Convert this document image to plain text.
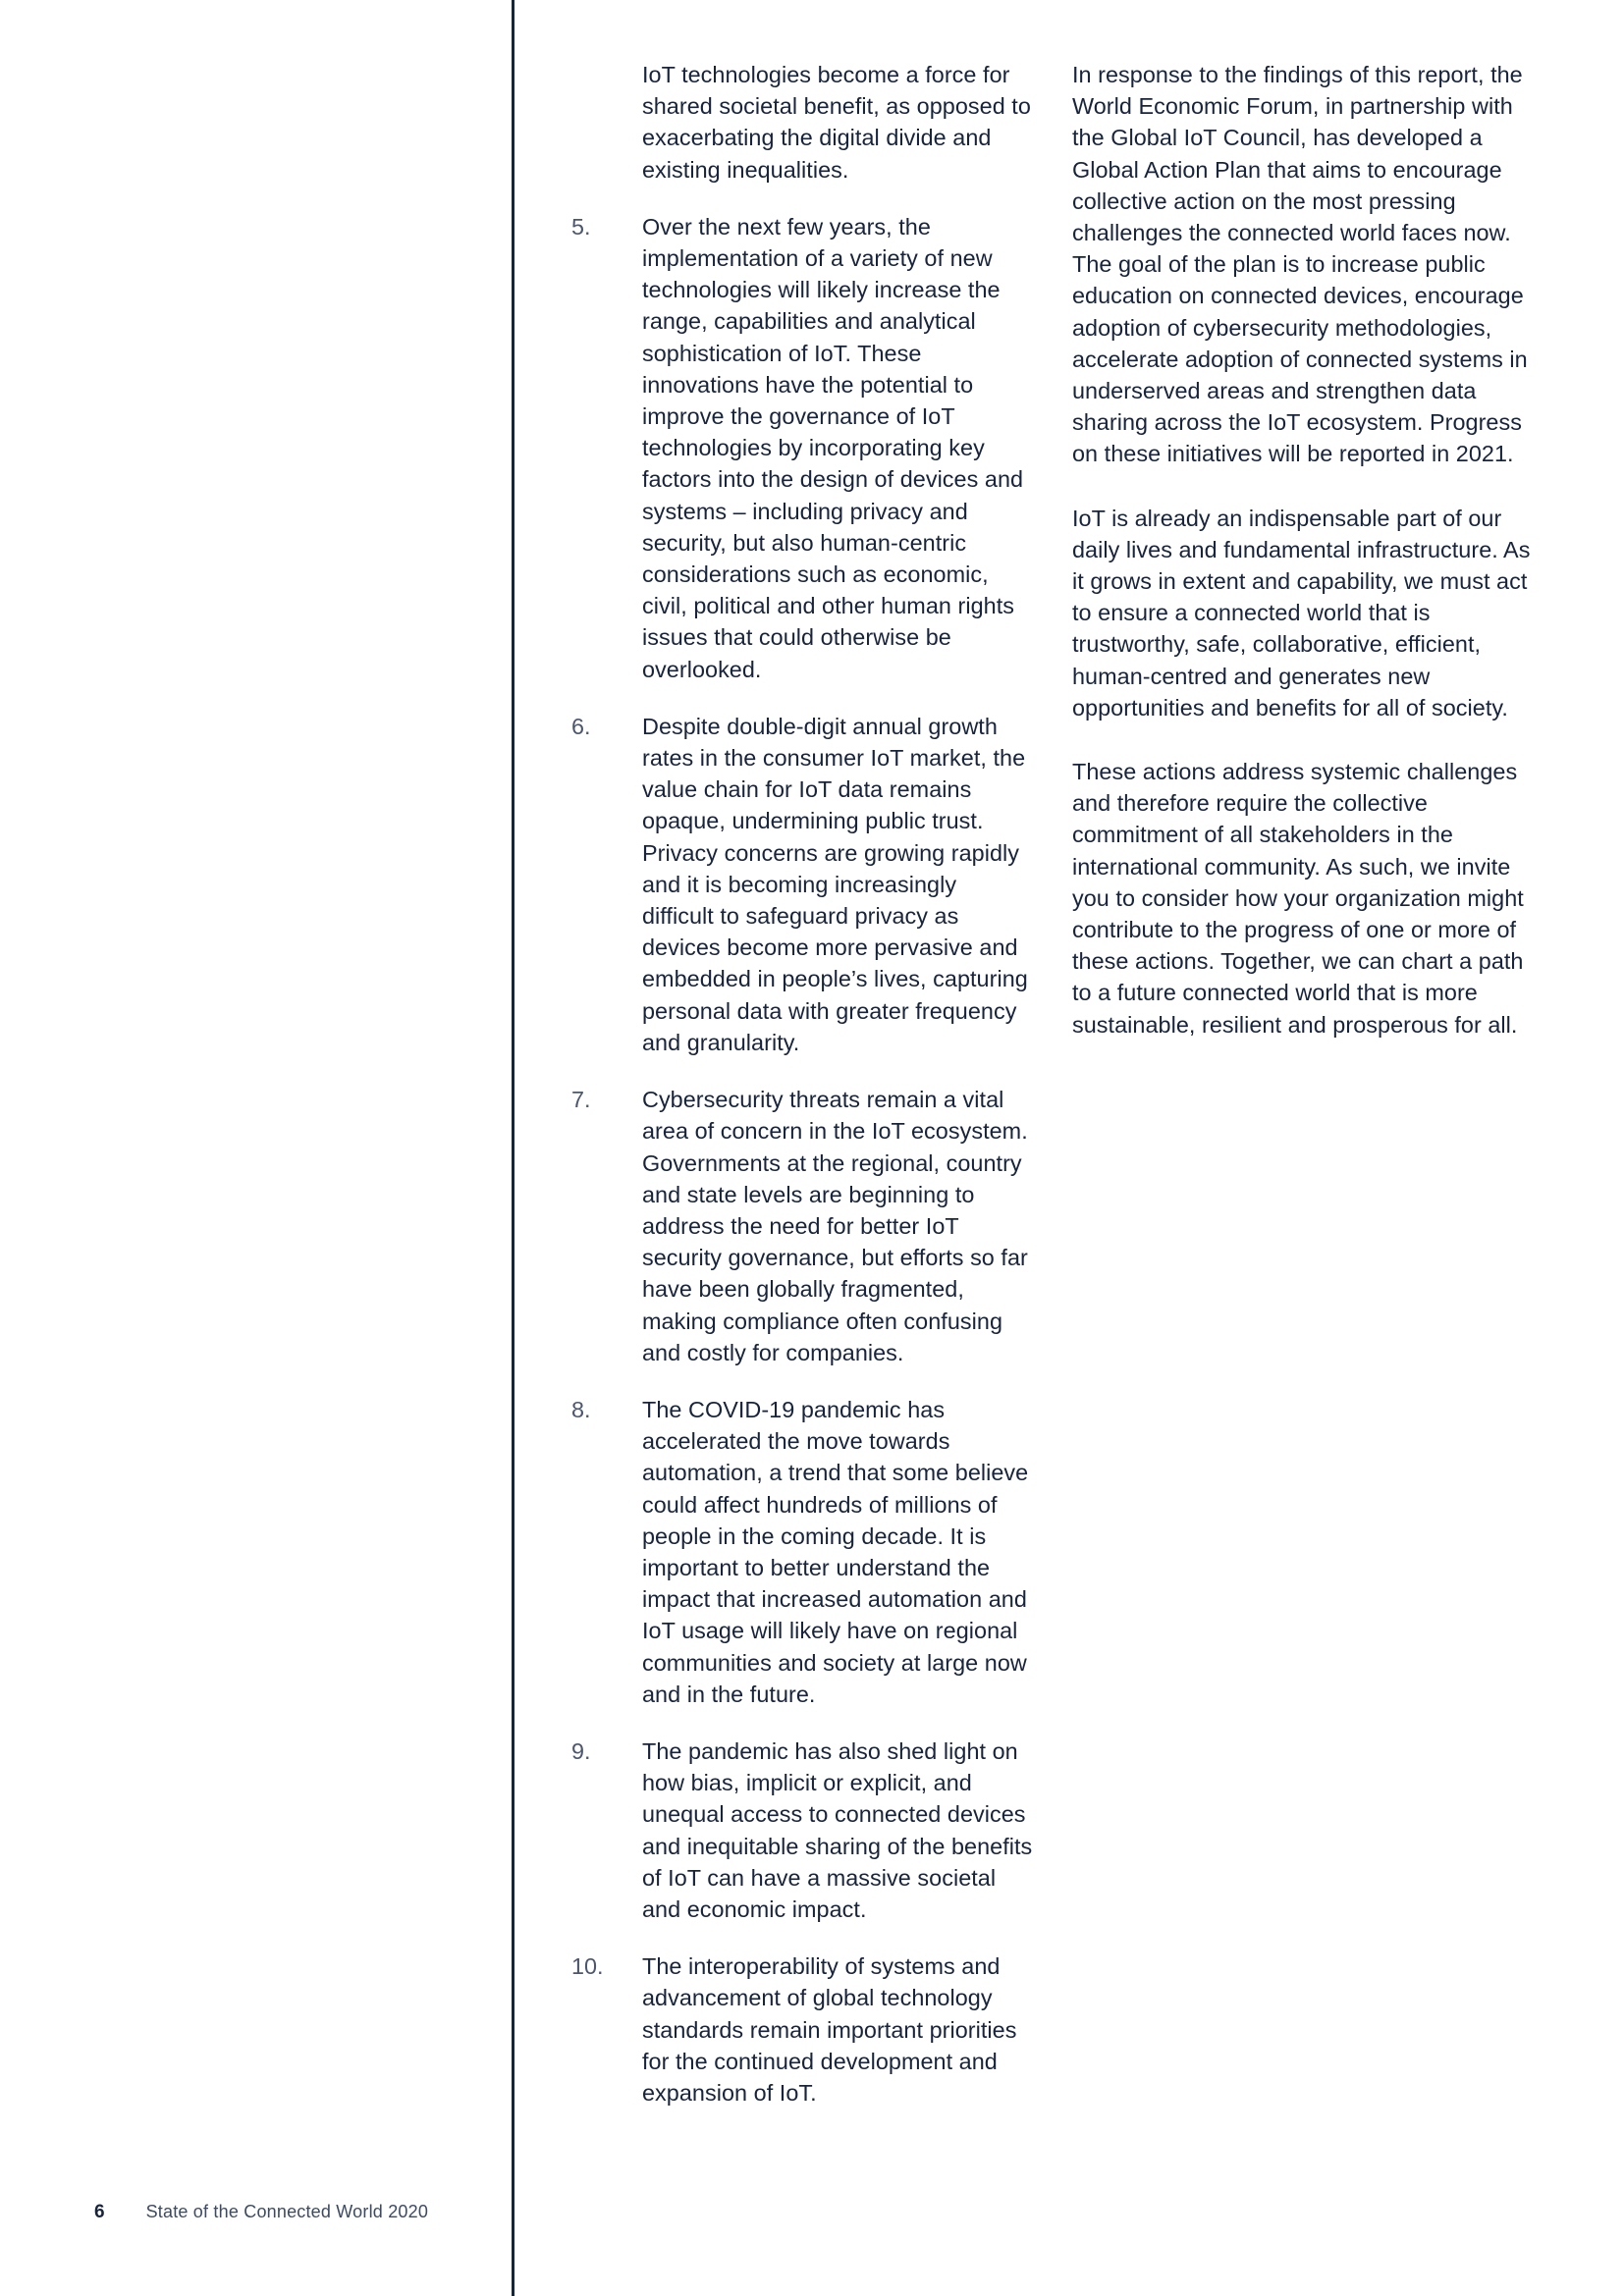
IoT technologies become a force for shared societal benefit, as opposed to exacerbating the digital divide and existing inequalities.

5.	Over the next few years, the implementation of a variety of new technologies will likely increase the range, capabilities and analytical sophistication of IoT. These innovations have the potential to improve the governance of IoT technologies by incorporating key factors into the design of devices and systems – including privacy and security, but also human-centric considerations such as economic, civil, political and other human rights issues that could otherwise be overlooked.
6.	Despite double-digit annual growth rates in the consumer IoT market, the value chain for IoT data remains opaque, undermining public trust. Privacy concerns are growing rapidly and it is becoming increasingly difficult to safeguard privacy as devices become more pervasive and embedded in people’s lives, capturing personal data with greater frequency and granularity.
7.	Cybersecurity threats remain a vital area of concern in the IoT ecosystem. Governments at the regional, country and state levels are beginning to address the need for better IoT security governance, but efforts so far have been globally fragmented, making compliance often confusing and costly for companies.
8.	The COVID-19 pandemic has accelerated the move towards automation, a trend that some believe could affect hundreds of millions of people in the coming decade. It is important to better understand the impact that increased automation and IoT usage will likely have on regional communities and society at large now and in the future.
9.	The pandemic has also shed light on how bias, implicit or explicit, and unequal access to connected devices and inequitable sharing of the benefits of IoT can have a massive societal and economic impact.
10.	The interoperability of systems and advancement of global technology standards remain important priorities for the continued development and expansion of IoT.

In response to the findings of this report, the World Economic Forum, in partnership with the Global IoT Council, has developed a Global Action Plan that aims to encourage collective action on the most pressing challenges the connected world faces now. The goal of the plan is to increase public education on connected devices, encourage adoption of cybersecurity methodologies, accelerate adoption of connected systems in underserved areas and strengthen data sharing across the IoT ecosystem. Progress on these initiatives will be reported in 2021.

IoT is already an indispensable part of our daily lives and fundamental infrastructure. As it grows in extent and capability, we must act to ensure a connected world that is trustworthy, safe, collaborative, efficient, human-centred and generates new opportunities and benefits for all of society.

These actions address systemic challenges and therefore require the collective commitment of all stakeholders in the international community. As such, we invite you to consider how your organization might contribute to the progress of one or more of these actions. Together, we can chart a path to a future connected world that is more sustainable, resilient and prosperous for all.

6 State of the Connected World 2020
